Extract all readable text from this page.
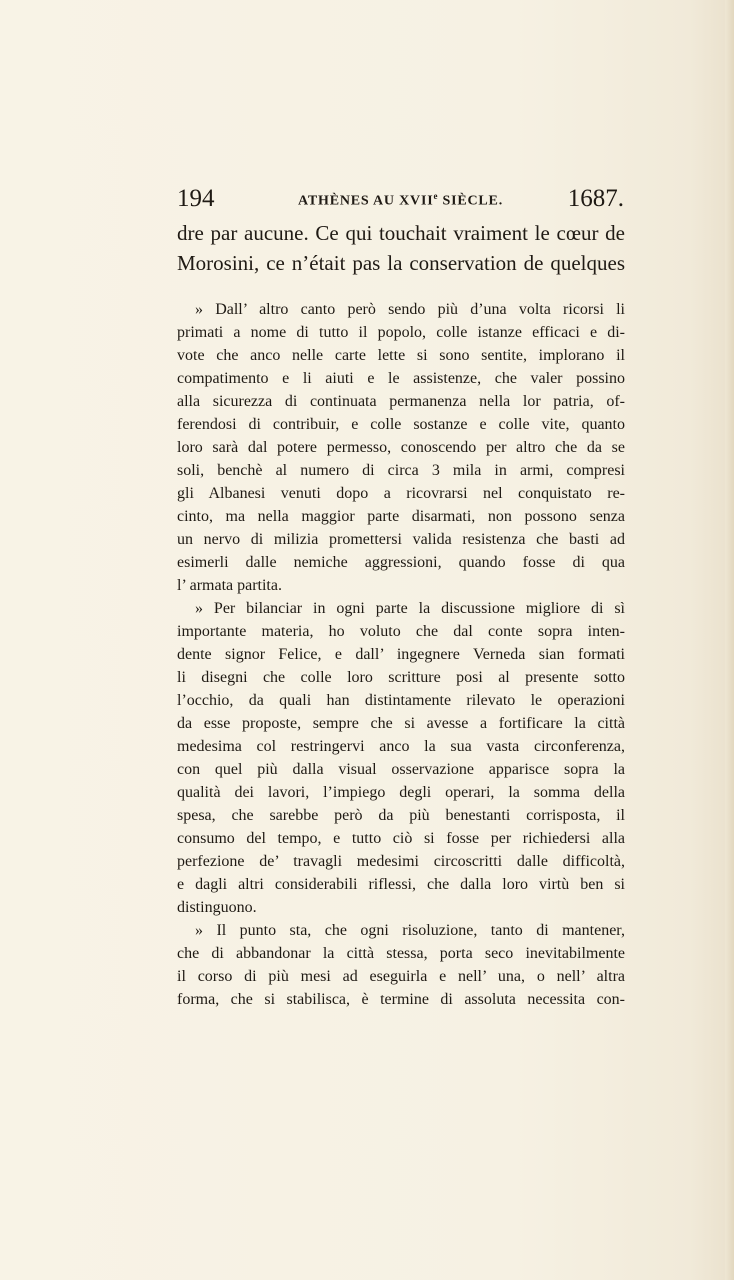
194	ATHÈNES AU XVIIe SIÈCLE.	1687.
dre par aucune. Ce qui touchait vraiment le cœur de
Morosini, ce n’était pas la conservation de quelques
» Dall’ altro canto però sendo più d’una volta ricorsi li
primati a nome di tutto il popolo, colle istanze efficaci e di-
vote che anco nelle carte lette si sono sentite, implorano il
compatimento e li aiuti e le assistenze, che valer possino
alla sicurezza di continuata permanenza nella lor patria, of-
ferendosi di contribuir, e colle sostanze e colle vite, quanto
loro sarà dal potere permesso, conoscendo per altro che da se
soli, benchè al numero di circa 3 mila in armi, compresi
gli Albanesi venuti dopo a ricovrarsi nel conquistato re-
cinto, ma nella maggior parte disarmati, non possono senza
un nervo di milizia promettersi valida resistenza che basti ad
esimerli dalle nemiche aggressioni, quando fosse di qua
l’ armata partita.
» Per bilanciar in ogni parte la discussione migliore di sì
importante materia, ho voluto che dal conte sopra inten-
dente signor Felice, e dall’ ingegnere Verneda sian formati
li disegni che colle loro scritture posi al presente sotto
l’occhio, da quali han distintamente rilevato le operazioni
da esse proposte, sempre che si avesse a fortificare la città
medesima col restringervi anco la sua vasta circonferenza,
con quel più dalla visual osservazione apparisce sopra la
qualità dei lavori, l’impiego degli operari, la somma della
spesa, che sarebbe però da più benestanti corrisposta, il
consumo del tempo, e tutto ciò si fosse per richiedersi alla
perfezione de’ travagli medesimi circoscritti dalle difficoltà,
e dagli altri considerabili riflessi, che dalla loro virtù ben si
distinguono.
» Il punto sta, che ogni risoluzione, tanto di mantener,
che di abbandonar la città stessa, porta seco inevitabilmente
il corso di più mesi ad eseguirla e nell’ una, o nell’ altra
forma, che si stabilisca, è termine di assoluta necessita con-
